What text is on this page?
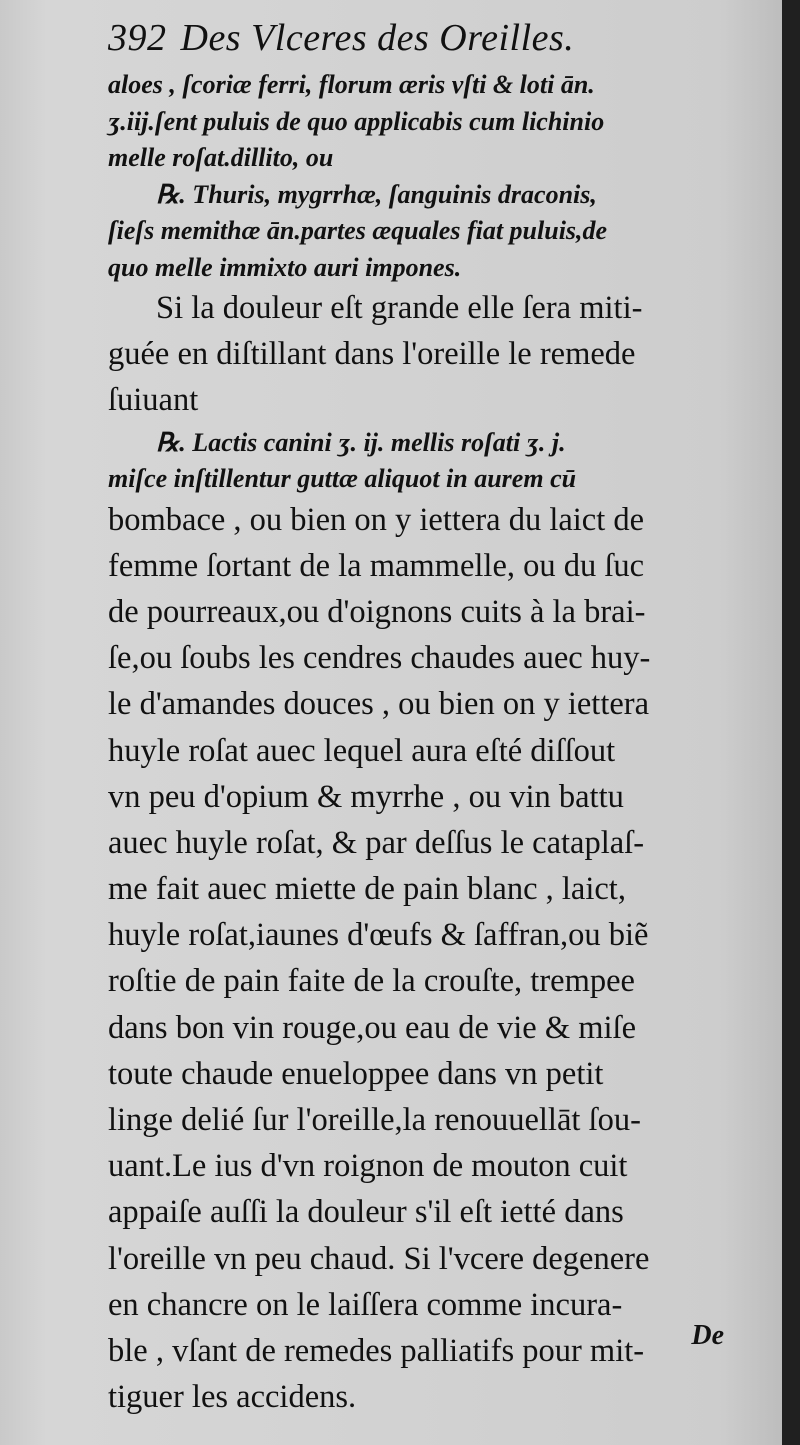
392 Des Vlceres des Oreilles.
aloes , ſcoriæ ferri, florum æris vſti & loti ān.
ʒ.iij.ſent puluis de quo applicabis cum lichinio
melle roſat.dillito, ou
℞. Thuris, mygrrhæ, ſanguinis draconis,
ſieſs memithæ ān.partes æquales fiat puluis,de
quo melle immixto auri impones.
Si la douleur eſt grande elle ſera miti-
guée en diſtillant dans l'oreille le remede
ſuiuant
℞. Lactis canini ʒ. ij. mellis roſati ʒ. j.
miſce inſtillentur guttæ aliquot in aurem cū
bombace , ou bien on y iettera du laict de
femme ſortant de la mammelle, ou du ſuc
de pourreaux,ou d'oignons cuits à la brai-
ſe,ou ſoubs les cendres chaudes auec huy-
le d'amandes douces , ou bien on y iettera
huyle roſat auec lequel aura eſté diſſout
vn peu d'opium & myrrhe , ou vin battu
auec huyle roſat, & par deſſus le cataplaſ-
me fait auec miette de pain blanc , laict,
huyle roſat,iaunes d'œufs & ſaffran,ou biẽ
roſtie de pain faite de la crouſte, trempee
dans bon vin rouge,ou eau de vie & miſe
toute chaude enueloppee dans vn petit
linge delié ſur l'oreille,la renouuellāt ſou-
uant.Le ius d'vn roignon de mouton cuit
appaiſe auſſi la douleur s'il eſt ietté dans
l'oreille vn peu chaud. Si l'vcere degenere
en chancre on le laiſſera comme incura-
ble , vſant de remedes palliatifs pour mit-
tiguer les accidens.
De
